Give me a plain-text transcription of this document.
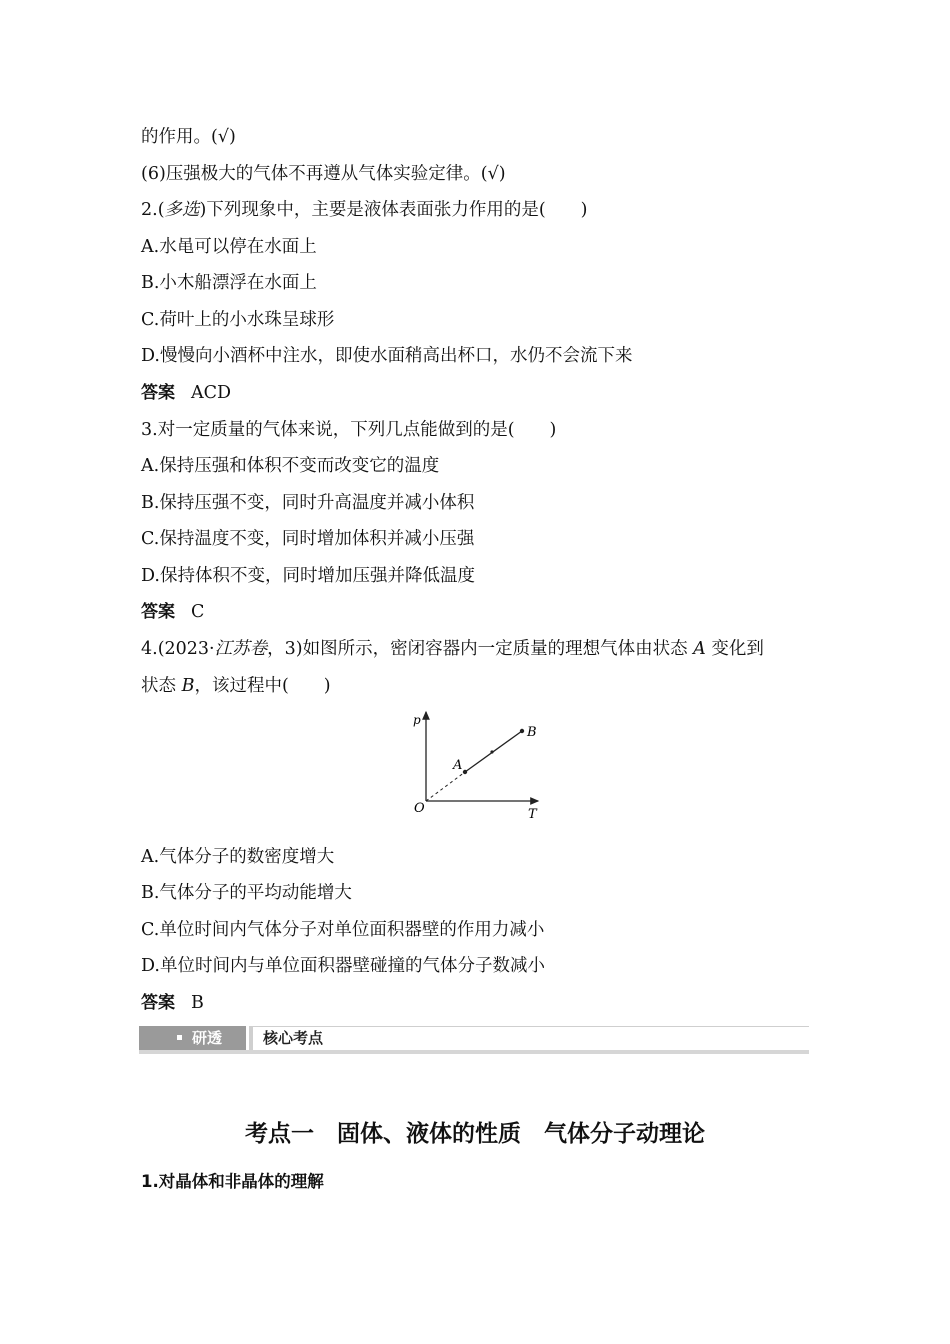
的作用。(√)
(6)压强极大的气体不再遵从气体实验定律。(√)
2.(多选)下列现象中，主要是液体表面张力作用的是(　　)
A.水黾可以停在水面上
B.小木船漂浮在水面上
C.荷叶上的小水珠呈球形
D.慢慢向小酒杯中注水，即使水面稍高出杯口，水仍不会流下来
答案 ACD
3.对一定质量的气体来说，下列几点能做到的是(　　)
A.保持压强和体积不变而改变它的温度
B.保持压强不变，同时升高温度并减小体积
C.保持温度不变，同时增加体积并减小压强
D.保持体积不变，同时增加压强并降低温度
答案 C
4.(2023·江苏卷，3)如图所示，密闭容器内一定质量的理想气体由状态 A 变化到
状态 B，该过程中(　　)
p
T
O
A
B
A.气体分子的数密度增大
B.气体分子的平均动能增大
C.单位时间内气体分子对单位面积器壁的作用力减小
D.单位时间内与单位面积器壁碰撞的气体分子数减小
答案 B
研透	核心考点
考点一　固体、液体的性质　气体分子动理论
1.对晶体和非晶体的理解
